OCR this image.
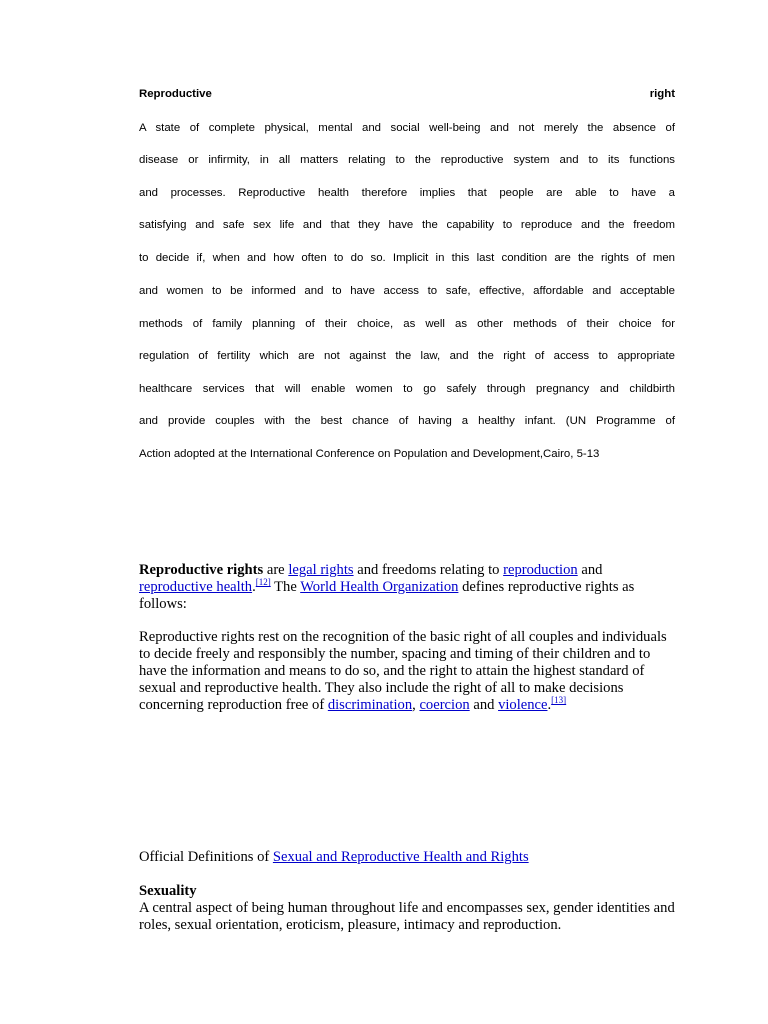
Reproductive	right
A state of complete physical, mental and social well-being and not merely the absence of
disease or infirmity, in all matters relating to the reproductive system and to its functions
and processes. Reproductive health therefore implies that people are able to have a
satisfying and safe sex life and that they have the capability to reproduce and the freedom
to decide if, when and how often to do so. Implicit in this last condition are the rights of men
and women to be informed and to have access to safe, effective, affordable and acceptable
methods of family planning of their choice, as well as other methods of their choice for
regulation of fertility which are not against the law, and the right of access to appropriate
healthcare services that will enable women to go safely through pregnancy and childbirth
and provide couples with the best chance of having a healthy infant. (UN Programme of
Action adopted at the International Conference on Population and Development,Cairo, 5-13

Reproductive rights are legal rights and freedoms relating to reproduction and
reproductive health.[12] The World Health Organization defines reproductive rights as follows:

Reproductive rights rest on the recognition of the basic right of all couples and individuals to decide freely and responsibly the number, spacing and timing of their children and to have the information and means to do so, and the right to attain the highest standard of sexual and reproductive health. They also include the right of all to make decisions concerning reproduction free of discrimination, coercion and violence.[13]

Official Definitions of Sexual and Reproductive Health and Rights

Sexuality
A central aspect of being human throughout life and encompasses sex, gender identities and roles, sexual orientation, eroticism, pleasure, intimacy and reproduction.
